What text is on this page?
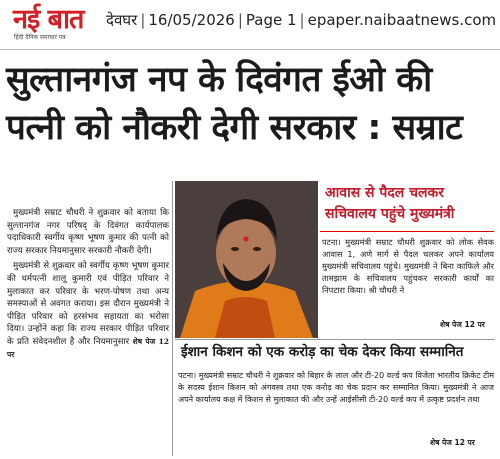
नई बात
हिंदी दैनिक समाचार पत्र
देवघर | 16/05/2026 | Page 1 | epaper.naibaatnews.com
सुल्तानगंज नप के दिवंगत ईओ की पत्नी को नौकरी देगी सरकार : सम्राट

मुख्यमंत्री सम्राट चौधरी ने शुक्रवार को बताया कि सुल्तानगंज नगर परिषद् के दिवंगत कार्यपालक पदाधिकारी स्वर्गीय कृष्ण भूषण कुमार की पत्नी को राज्य सरकार नियमानुसार सरकारी नौकरी देगी।

मुख्यमंत्री से शुक्रवार को स्वर्गीय कृष्ण भूषण कुमार की धर्मपत्नी शालू कुमारी एवं पीड़ित परिवार ने मुलाकात कर परिवार के भरण-पोषण तथा अन्य समस्याओं से अवगत कराया। इस दौरान मुख्यमंत्री ने पीड़ित परिवार को हरसंभव सहायता का भरोसा दिया। उन्होंने कहा कि राज्य सरकार पीड़ित परिवार के प्रति संवेदनशील है और नियमानुसार शेष पेज 12 पर

आवास से पैदल चलकर सचिवालय पहुंचे मुख्यमंत्री
पटना। मुख्यमंत्री सम्राट चौधरी शुक्रवार को लोक सेवक आवास 1, अणे मार्ग से पैदल चलकर अपने कार्यालय मुख्यमंत्री सचिवालय पहुंचे। मुख्यमंत्री ने बिना काफिले और तामझाम के सचिवालय पहुंचकर सरकारी कार्यों का निपटारा किया। श्री चौधरी ने
शेष पेज 12 पर
ईशान किशन को एक करोड़ का चेक देकर किया सम्मानित
पटना। मुख्यमंत्री सम्राट चौधरी ने शुक्रवार को बिहार के लाल और टी-20 वर्ल्ड कप विजेता भारतीय क्रिकेट टीम के सदस्य ईशान किशन को अंगवस्त्र तथा एक करोड़ का चेक प्रदान कर सम्मानित किया। मुख्यमंत्री ने आज अपने कार्यालय कक्ष में किशन से मुलाकात की और उन्हें आईसीसी टी-20 वर्ल्ड कप में उत्कृष्ट प्रदर्शन तथा
शेष पेज 12 पर
